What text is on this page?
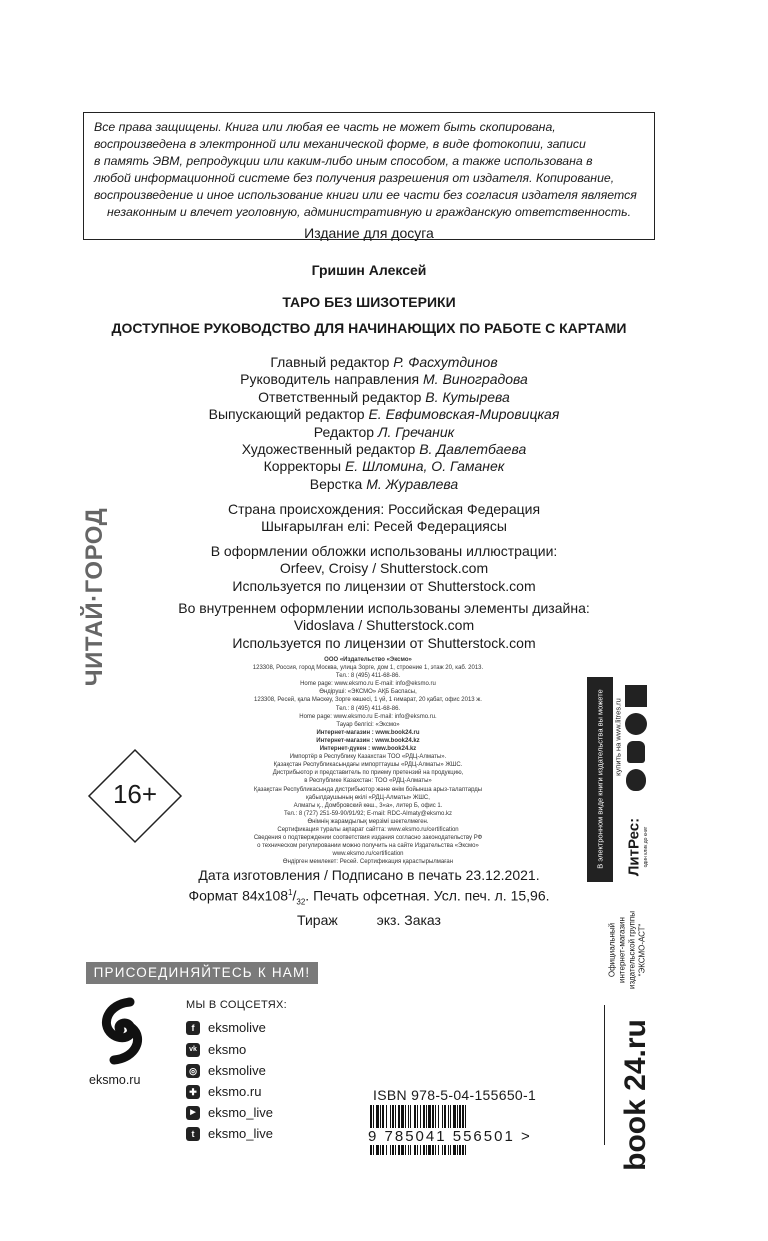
Все права защищены. Книга или любая ее часть не может быть скопирована,
воспроизведена в электронной или механической форме, в виде фотокопии, записи
в память ЭВМ, репродукции или каким-либо иным способом, а также использована в
любой информационной системе без получения разрешения от издателя. Копирование,
воспроизведение и иное использование книги или ее части без согласия издателя является
незаконным и влечет уголовную, административную и гражданскую ответственность.
Издание для досуга
Гришин Алексей
ТАРО БЕЗ ШИЗОТЕРИКИ
ДОСТУПНОЕ РУКОВОДСТВО ДЛЯ НАЧИНАЮЩИХ ПО РАБОТЕ С КАРТАМИ
Главный редактор Р. Фасхутдинов
Руководитель направления М. Виноградова
Ответственный редактор В. Кутырева
Выпускающий редактор Е. Евфимовская-Мировицкая
Редактор Л. Гречаник
Художественный редактор В. Давлетбаева
Корректоры Е. Шломина, О. Гаманек
Верстка М. Журавлева
Страна происхождения: Российская Федерация
Шығарылған елі: Ресей Федерациясы
В оформлении обложки использованы иллюстрации:
Orfeev, Croisy / Shutterstock.com
Используется по лицензии от Shutterstock.com
Во внутреннем оформлении использованы элементы дизайна:
Vidoslava / Shutterstock.com
Используется по лицензии от Shutterstock.com
ООО «Издательство «Эксмо»
123308, Россия, город Москва, улица Зорге, дом 1, строение 1, этаж 20, каб. 2013.
Тел.: 8 (495) 411-68-86.
Home page: www.eksmo.ru E-mail: info@eksmo.ru
Өндіруші: «ЭКСМО» АҚБ Баспасы,
123308, Ресей, қала Мәскеу, Зорге көшесі, 1 үй, 1 ғимарат, 20 қабат, офис 2013 ж.
Тел.: 8 (495) 411-68-86.
Home page: www.eksmo.ru E-mail: info@eksmo.ru.
Тауар белгісі: «Эксмо»
Интернет-магазин : www.book24.ru
Интернет-магазин : www.book24.kz
Интернет-дүкен : www.book24.kz
Импортёр в Республику Казахстан ТОО «РДЦ-Алматы».
Қазақстан Республикасындағы импорттаушы «РДЦ-Алматы» ЖШС.
Дистрибьютор и представитель по приему претензий на продукцию,
в Республике Казахстан: ТОО «РДЦ-Алматы»
Қазақстан Республикасында дистрибьютор және өнім бойынша арыз-талаптарды
қабылдаушының өкілі «РДЦ-Алматы» ЖШС,
Алматы қ., Домбровский көш., 3«а», литер Б, офис 1.
Тел.: 8 (727) 251-59-90/91/92; E-mail: RDC-Almaty@eksmo.kz
Өнімнің жарамдылық мерзімі шектелмеген.
Сертификация туралы ақпарат сайтта: www.eksmo.ru/certification
Сведения о подтверждении соответствия издания согласно законодательству РФ
о техническом регулировании можно получить на сайте Издательства «Эксмо»
www.eksmo.ru/certification
Өндірген мемлекет: Ресей. Сертификация қарастырылмаған
Дата изготовления / Подписано в печать 23.12.2021.
Формат $84x108^1/_{32}$. Печать офсетная. Усл. печ. л. 15,96.
Тираж          экз. Заказ
16+
ЧИТАЙ·ГОРОД
ПРИСОЕДИНЯЙТЕСЬ К НАМ!
eksmo.ru
МЫ В СОЦСЕТЯХ:
f	eksmolive
vk eksmo
◎ eksmolive
✚ eksmo.ru
▶ eksmo_live
t	eksmo_live
ISBN 978-5-04-155650-1
9 785041 556501 >
В электронном виде книги издательства вы можете купить на www.litres.ru
ЛитРес: один клик до книг
book 24.ru
Официальный интернет-магазин издательской группы "ЭКСМО-АСТ"
